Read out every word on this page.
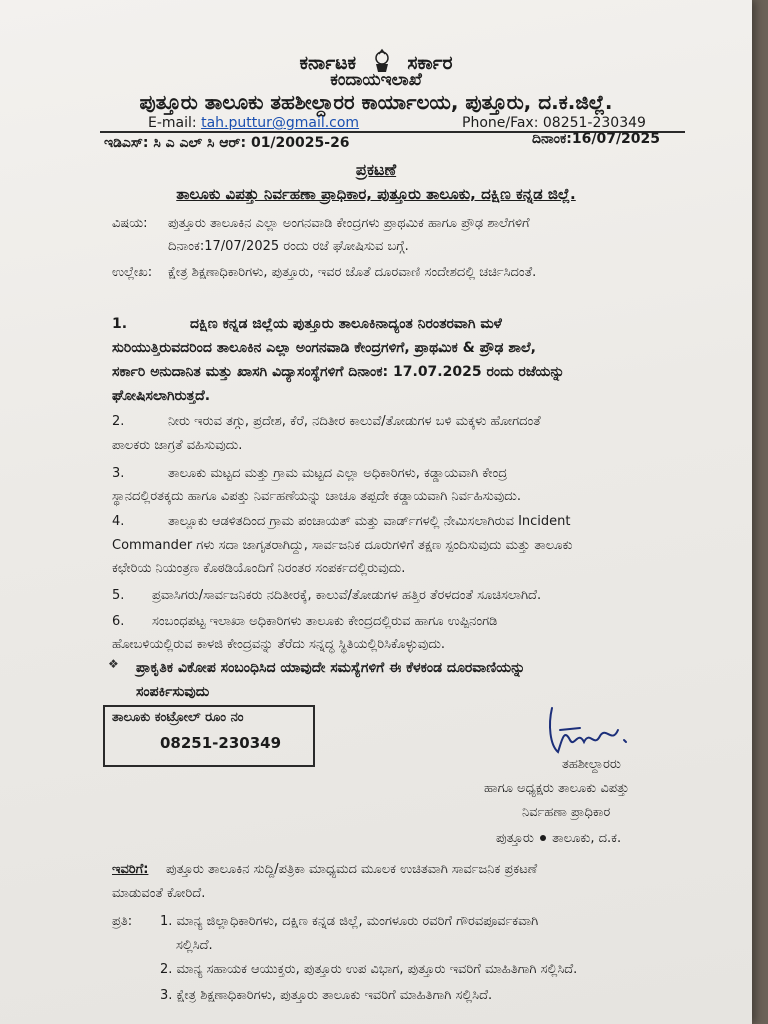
ಕರ್ನಾಟಕ	ಸರ್ಕಾರ
ಕಂದಾಯಇಲಾಖೆ
ಪುತ್ತೂರು ತಾಲೂಕು ತಹಶೀಲ್ದಾರರ ಕಾರ್ಯಾಲಯ, ಪುತ್ತೂರು, ದ.ಕ.ಜಿಲ್ಲೆ.
E-mail: tah.puttur@gmail.com	Phone/Fax: 08251-230349
ಇಡಿಎಸ್: ಸಿ ಎ ಎಲ್ ಸಿ ಆರ್: 01/20025-26	ದಿನಾಂಕ:16/07/2025
ಪ್ರಕಟಣೆ
ತಾಲೂಕು ವಿಪತ್ತು ನಿರ್ವಹಣಾ ಪ್ರಾಧಿಕಾರ, ಪುತ್ತೂರು ತಾಲೂಕು, ದಕ್ಷಿಣ ಕನ್ನಡ ಜಿಲ್ಲೆ.
ವಿಷಯ: ಪುತ್ತೂರು ತಾಲೂಕಿನ ಎಲ್ಲಾ ಅಂಗನವಾಡಿ ಕೇಂದ್ರಗಳು ಪ್ರಾಥಮಿಕ ಹಾಗೂ ಪ್ರೌಢ ಶಾಲೆಗಳಿಗೆ
ದಿನಾಂಕ:17/07/2025 ರಂದು ರಜೆ ಘೋಷಿಸುವ ಬಗ್ಗೆ.
ಉಲ್ಲೇಖ: ಕ್ಷೇತ್ರ ಶಿಕ್ಷಣಾಧಿಕಾರಿಗಳು, ಪುತ್ತೂರು, ಇವರ ಜೊತೆ ದೂರವಾಣಿ ಸಂದೇಶದಲ್ಲಿ ಚರ್ಚಿಸಿದಂತೆ.
1.	ದಕ್ಷಿಣ ಕನ್ನಡ ಜಿಲ್ಲೆಯ ಪುತ್ತೂರು ತಾಲೂಕಿನಾದ್ಯಂತ ನಿರಂತರವಾಗಿ ಮಳೆ
ಸುರಿಯುತ್ತಿರುವದರಿಂದ ತಾಲೂಕಿನ ಎಲ್ಲಾ ಅಂಗನವಾಡಿ ಕೇಂದ್ರಗಳಿಗೆ, ಪ್ರಾಥಮಿಕ & ಪ್ರೌಢ ಶಾಲೆ,
ಸರ್ಕಾರಿ ಅನುದಾನಿತ ಮತ್ತು ಖಾಸಗಿ ವಿದ್ಯಾಸಂಸ್ಥೆಗಳಿಗೆ ದಿನಾಂಕ: 17.07.2025 ರಂದು ರಜೆಯನ್ನು
ಘೋಷಿಸಲಾಗಿರುತ್ತದೆ.
2.	ನೀರು ಇರುವ ತಗ್ಗು, ಪ್ರದೇಶ, ಕೆರೆ, ನದಿತೀರ ಕಾಲುವೆ/ತೋಡುಗಳ ಬಳಿ ಮಕ್ಕಳು ಹೋಗದಂತೆ
ಪಾಲಕರು ಜಾಗ್ರತೆ ವಹಿಸುವುದು.
3.	ತಾಲೂಕು ಮಟ್ಟದ ಮತ್ತು ಗ್ರಾಮ ಮಟ್ಟದ ಎಲ್ಲಾ ಅಧಿಕಾರಿಗಳು, ಕಡ್ಡಾಯವಾಗಿ ಕೇಂದ್ರ
ಸ್ಥಾನದಲ್ಲಿರತಕ್ಕದು ಹಾಗೂ ವಿಪತ್ತು ನಿರ್ವಹಣೆಯನ್ನು ಚಾಚೂ ತಪ್ಪದೇ ಕಡ್ಡಾಯವಾಗಿ ನಿರ್ವಹಿಸುವುದು.
4.	ತಾಲ್ಲೂಕು ಆಡಳಿತದಿಂದ ಗ್ರಾಮ ಪಂಚಾಯತ್ ಮತ್ತು ವಾರ್ಡ್‌ಗಳಲ್ಲಿ ನೇಮಿಸಲಾಗಿರುವ Incident
Commander ಗಳು ಸದಾ ಜಾಗೃತರಾಗಿದ್ದು, ಸಾರ್ವಜನಿಕ ದೂರುಗಳಿಗೆ ತಕ್ಷಣ ಸ್ಪಂದಿಸುವುದು ಮತ್ತು ತಾಲೂಕು
ಕಛೇರಿಯ ನಿಯಂತ್ರಣ ಕೊಠಡಿಯೊಂದಿಗೆ ನಿರಂತರ ಸಂಪರ್ಕದಲ್ಲಿರುವುದು.
5. ಪ್ರವಾಸಿಗರು/ಸಾರ್ವಜನಿಕರು ನದಿತೀರಕ್ಕೆ, ಕಾಲುವೆ/ತೋಡುಗಳ ಹತ್ತಿರ ತೆರಳದಂತೆ ಸೂಚಿಸಲಾಗಿದೆ.
6. ಸಂಬಂಧಪಟ್ಟ ಇಲಾಖಾ ಅಧಿಕಾರಿಗಳು ತಾಲೂಕು ಕೇಂದ್ರದಲ್ಲಿರುವ ಹಾಗೂ ಉಪ್ಪಿನಂಗಡಿ
ಹೋಬಳಿಯಲ್ಲಿರುವ ಕಾಳಜಿ ಕೇಂದ್ರವನ್ನು ತೆರೆದು ಸನ್ನದ್ಧ ಸ್ಥಿತಿಯಲ್ಲಿರಿಸಿಕೊಳ್ಳುವುದು.
❖ ಪ್ರಾಕೃತಿಕ ವಿಕೋಪ ಸಂಬಂಧಿಸಿದ ಯಾವುದೇ ಸಮಸ್ಯೆಗಳಿಗೆ ಈ ಕೆಳಕಂಡ ದೂರವಾಣಿಯನ್ನು
ಸಂಪರ್ಕಿಸುವುದು
ತಾಲೂಕು ಕಂಟ್ರೋಲ್ ರೂಂ ನಂ
08251-230349
ತಹಶೀಲ್ದಾರರು
ಹಾಗೂ ಅಧ್ಯಕ್ಷರು ತಾಲೂಕು ವಿಪತ್ತು
ನಿರ್ವಹಣಾ ಪ್ರಾಧಿಕಾರ
ಪುತ್ತೂರು ತಾಲೂಕು, ದ.ಕ.
ಇವರಿಗೆ: ಪುತ್ತೂರು ತಾಲೂಕಿನ ಸುದ್ದಿ/ಪತ್ರಿಕಾ ಮಾಧ್ಯಮದ ಮೂಲಕ ಉಚಿತವಾಗಿ ಸಾರ್ವಜನಿಕ ಪ್ರಕಟಣೆ
ಮಾಡುವಂತೆ ಕೋರಿದೆ.
ಪ್ರತಿ: 1. ಮಾನ್ಯ ಜಿಲ್ಲಾಧಿಕಾರಿಗಳು, ದಕ್ಷಿಣ ಕನ್ನಡ ಜಿಲ್ಲೆ, ಮಂಗಳೂರು ರವರಿಗೆ ಗೌರವಪೂರ್ವಕವಾಗಿ
ಸಲ್ಲಿಸಿದೆ.
2. ಮಾನ್ಯ ಸಹಾಯಕ ಆಯುಕ್ತರು, ಪುತ್ತೂರು ಉಪ ವಿಭಾಗ, ಪುತ್ತೂರು ಇವರಿಗೆ ಮಾಹಿತಿಗಾಗಿ ಸಲ್ಲಿಸಿದೆ.
3. ಕ್ಷೇತ್ರ ಶಿಕ್ಷಣಾಧಿಕಾರಿಗಳು, ಪುತ್ತೂರು ತಾಲೂಕು ಇವರಿಗೆ ಮಾಹಿತಿಗಾಗಿ ಸಲ್ಲಿಸಿದೆ.
